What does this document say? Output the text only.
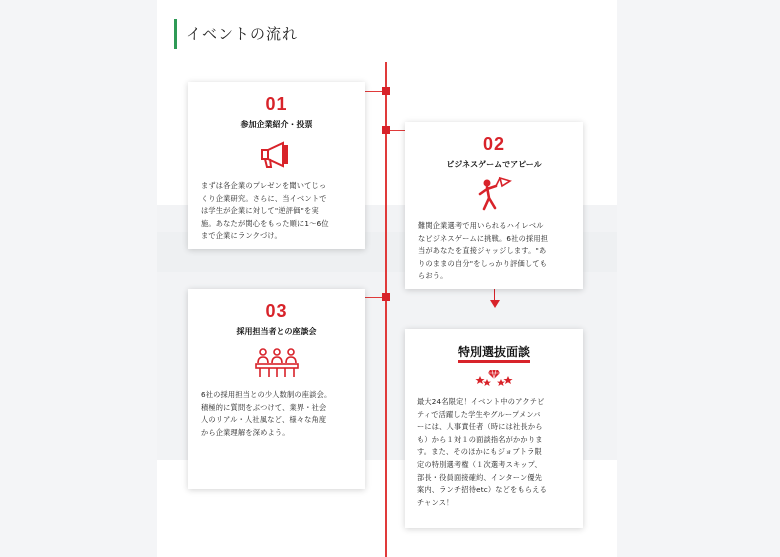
イベントの流れ
01
参加企業紹介・投票
まずは各企業のプレゼンを聞いてじっ
くり企業研究。さらに、当イベントで
は学生が企業に対して"逆評価"を実
施。あなたが関心をもった順に1〜6位
まで企業にランクづけ。
02
ビジネスゲームでアピール
難関企業選考で用いられるハイレベル
なビジネスゲームに挑戦。6社の採用担
当があなたを直接ジャッジします。"あ
りのままの自分"をしっかり評価しても
らおう。
03
採用担当者との座談会
6社の採用担当との少人数制の座談会。
積極的に質問をぶつけて、業界・社会
人のリアル・人社風など、様々な角度
から企業理解を深めよう。
特別選抜面談
最大24名限定！イベント中のアクテビ
ティで活躍した学生やグループメンバ
ーには、人事責任者（時には社長から
も）から１対１の面談指名がかかりま
す。また、そのほかにもジョブトラ限
定の特別選考権（１次選考スキップ、
部長・役員面接確約、インターン優先
案内、ランチ招待etc）などをもらえる
チャンス！
